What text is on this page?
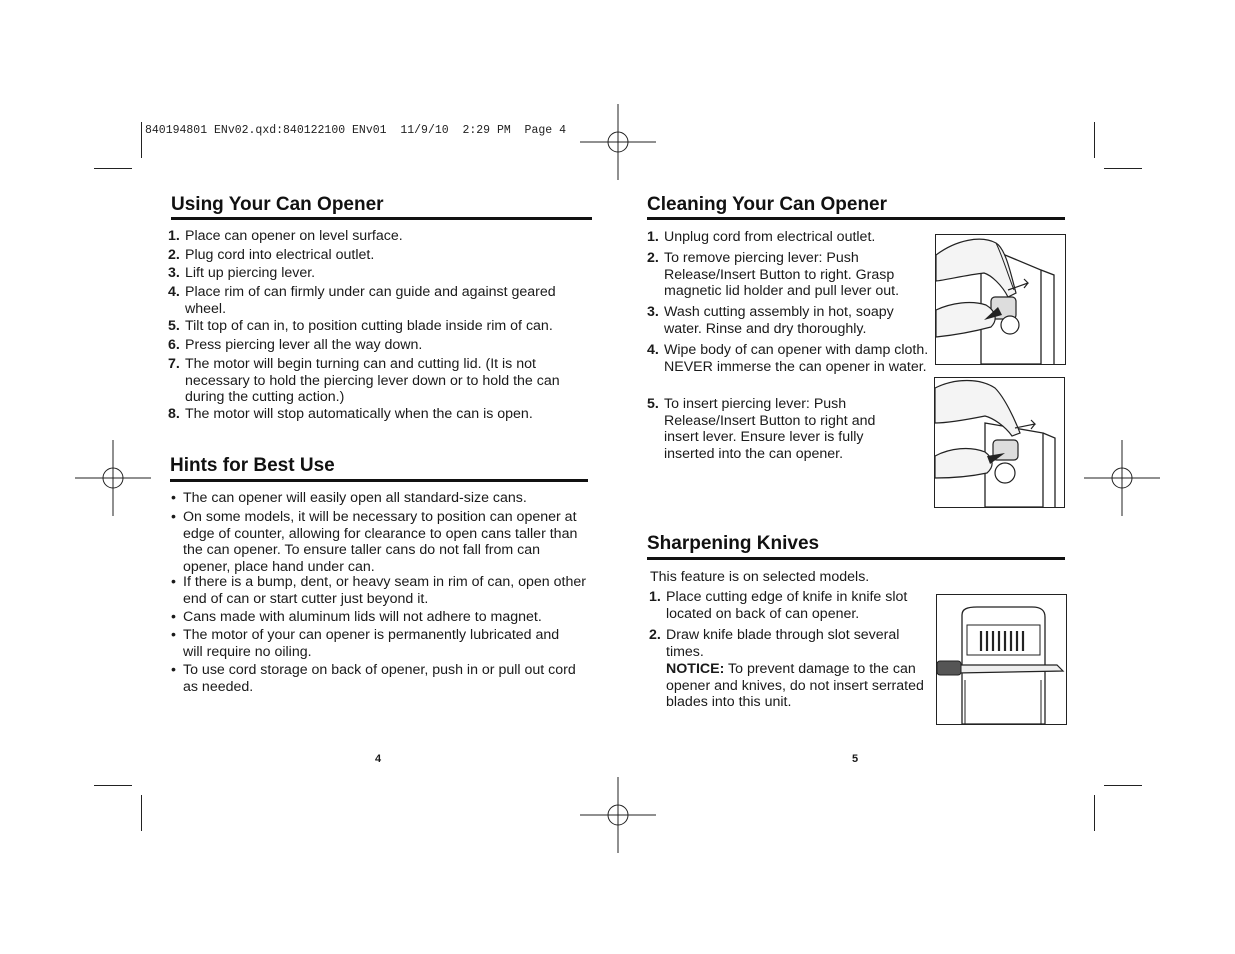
840194801 ENv02.qxd:840122100 ENv01  11/9/10  2:29 PM  Page 4
Using Your Can Opener
1. Place can opener on level surface.
2. Plug cord into electrical outlet.
3. Lift up piercing lever.
4. Place rim of can firmly under can guide and against geared wheel.
5. Tilt top of can in, to position cutting blade inside rim of can.
6. Press piercing lever all the way down.
7. The motor will begin turning can and cutting lid. (It is not necessary to hold the piercing lever down or to hold the can during the cutting action.)
8. The motor will stop automatically when the can is open.
Hints for Best Use
• The can opener will easily open all standard-size cans.
• On some models, it will be necessary to position can opener at edge of counter, allowing for clearance to open cans taller than the can opener. To ensure taller cans do not fall from can opener, place hand under can.
• If there is a bump, dent, or heavy seam in rim of can, open other end of can or start cutter just beyond it.
• Cans made with aluminum lids will not adhere to magnet.
• The motor of your can opener is permanently lubricated and will require no oiling.
• To use cord storage on back of opener, push in or pull out cord as needed.
4
Cleaning Your Can Opener
1. Unplug cord from electrical outlet.
2. To remove piercing lever: Push Release/Insert Button to right. Grasp magnetic lid holder and pull lever out.
3. Wash cutting assembly in hot, soapy water. Rinse and dry thoroughly.
4. Wipe body of can opener with damp cloth. NEVER immerse the can opener in water.
5. To insert piercing lever: Push Release/Insert Button to right and insert lever. Ensure lever is fully inserted into the can opener.
Sharpening Knives
This feature is on selected models.
1. Place cutting edge of knife in knife slot located on back of can opener.
2. Draw knife blade through slot several times.
NOTICE: To prevent damage to the can opener and knives, do not insert serrated blades into this unit.
5
